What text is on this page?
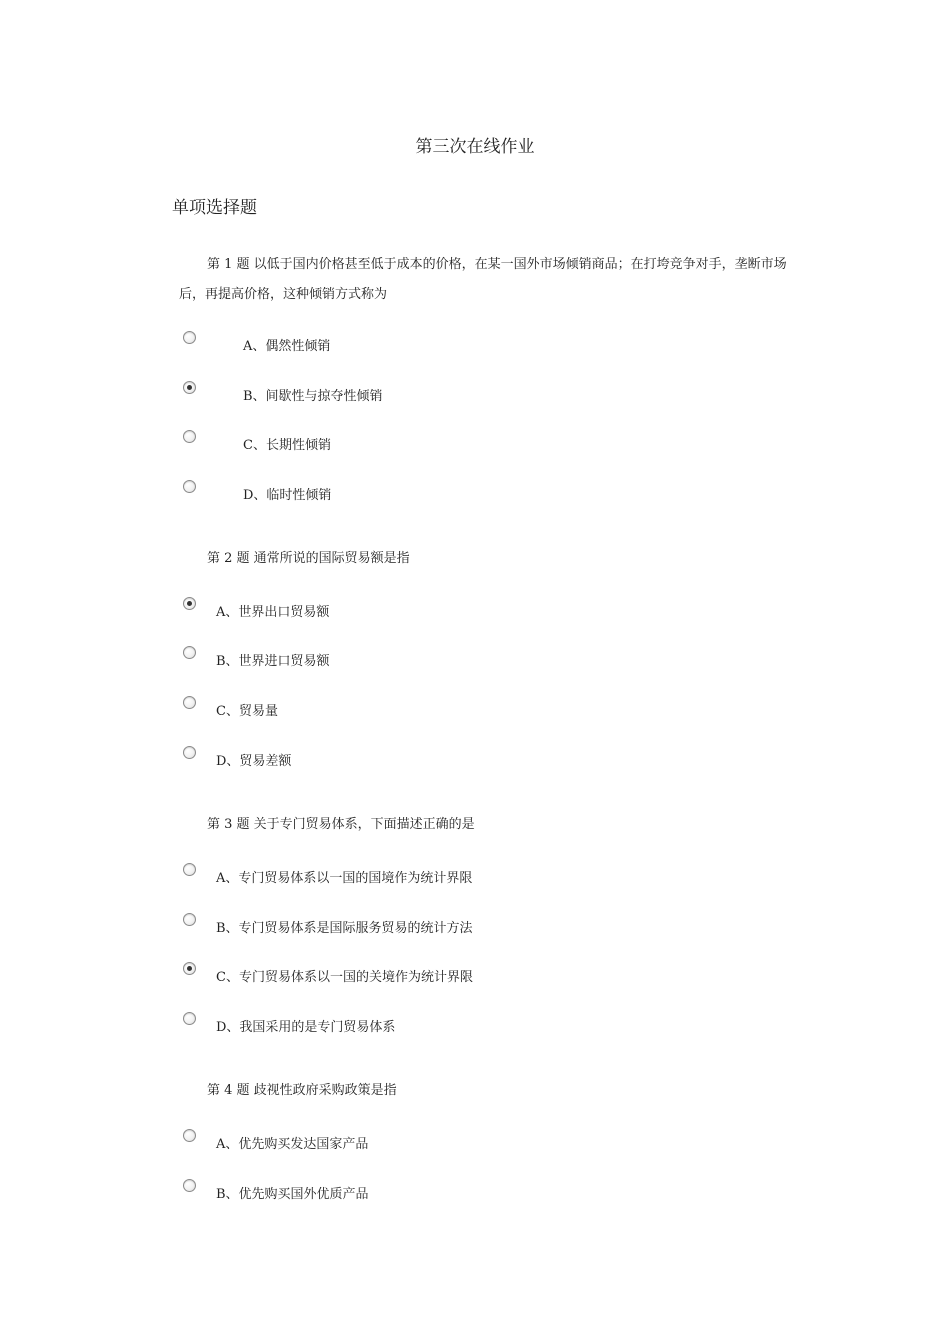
第三次在线作业
单项选择题
第 1 题 以低于国内价格甚至低于成本的价格，在某一国外市场倾销商品；在打垮竞争对手，垄断市场后，再提高价格，这种倾销方式称为
A、偶然性倾销
B、间歇性与掠夺性倾销
C、长期性倾销
D、临时性倾销
第 2 题 通常所说的国际贸易额是指
A、世界出口贸易额
B、世界进口贸易额
C、贸易量
D、贸易差额
第 3 题 关于专门贸易体系，下面描述正确的是
A、专门贸易体系以一国的国境作为统计界限
B、专门贸易体系是国际服务贸易的统计方法
C、专门贸易体系以一国的关境作为统计界限
D、我国采用的是专门贸易体系
第 4 题 歧视性政府采购政策是指
A、优先购买发达国家产品
B、优先购买国外优质产品
